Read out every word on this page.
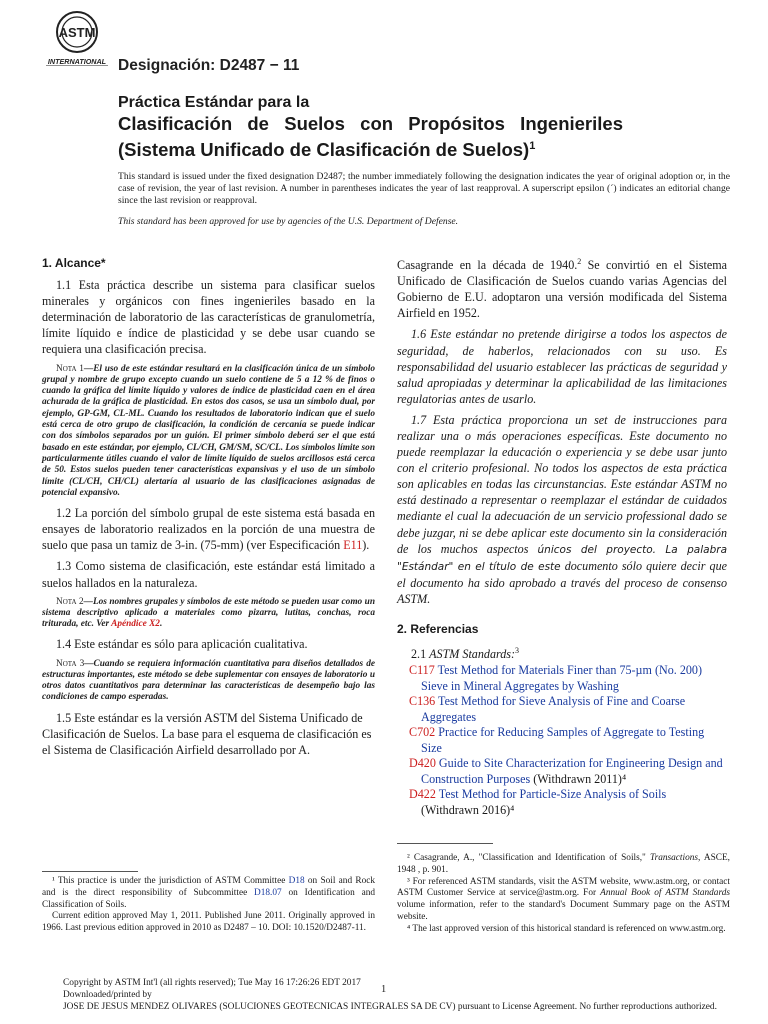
ASTM
INTERNATIONAL Designación: D2487 − 11
Práctica Estándar para la
Clasificación de Suelos con Propósitos Ingenieriles
(Sistema Unificado de Clasificación de Suelos)$^1$
This standard is issued under the fixed designation D2487; the number immediately following the designation indicates the year of original adoption or, in the case of revision, the year of last revision. A number in parentheses indicates the year of last reapproval. A superscript epsilon (´) indicates an editorial change since the last revision or reapproval.
This standard has been approved for use by agencies of the U.S. Department of Defense.
1. Alcance*

1.1 Esta práctica describe un sistema para clasificar suelos minerales y orgánicos con fines ingenieriles basado en la determinación de laboratorio de las características de granulometría, límite líquido e índice de plasticidad y se debe usar cuando se requiera una clasificación precisa.

Nota 1—El uso de este estándar resultará en la clasificación única de un símbolo grupal y nombre de grupo excepto cuando un suelo contiene de 5 a 12 % de finos o cuando la gráfica del límite líquido y valores de índice de plasticidad caen en el área achurada de la gráfica de plasticidad. En estos dos casos, se usa un símbolo dual, por ejemplo, GP-GM, CL-ML. Cuando los resultados de laboratorio indican que el suelo está cerca de otro grupo de clasificación, la condición de cercanía se puede indicar con dos símbolos separados por un guión. El primer símbolo deberá ser el que está basado en este estándar, por ejemplo, CL/CH, GM/SM, SC/CL. Los símbolos límite son particularmente útiles cuando el valor de límite líquido de suelos arcillosos está cerca de 50. Estos suelos pueden tener características expansivas y el uso de un símbolo límite (CL/CH, CH/CL) alertaría al usuario de las clasificaciones asignadas de potencial expansivo.

1.2 La porción del símbolo grupal de este sistema está basada en ensayes de laboratorio realizados en la porción de una muestra de suelo que pasa un tamiz de 3-in. (75-mm) (ver Especificación E11).

1.3 Como sistema de clasificación, este estándar está limitado a suelos hallados en la naturaleza.

Nota 2—Los nombres grupales y símbolos de este método se pueden usar como un sistema descriptivo aplicado a materiales como pizarra, lutitas, conchas, roca triturada, etc. Ver Apéndice X2.

1.4 Este estándar es sólo para aplicación cualitativa.

Nota 3—Cuando se requiera información cuantitativa para diseños detallados de estructuras importantes, este método se debe suplementar con ensayes de laboratorio u otros datos cuantitativos para determinar las características de desempeño bajo las condiciones de campo esperadas.

1.5 Este estándar es la versión ASTM del Sistema Unificado de Clasificación de Suelos. La base para el esquema de clasificación es el Sistema de Clasificación Airfield desarrollado por A.

Casagrande en la década de 1940.$^2$ Se convirtió en el Sistema Unificado de Clasificación de Suelos cuando varias Agencias del Gobierno de E.U. adoptaron una versión modificada del Sistema Airfield en 1952.

1.6 Este estándar no pretende dirigirse a todos los aspectos de seguridad, de haberlos, relacionados con su uso. Es responsabilidad del usuario establecer las prácticas de seguridad y salud apropiadas y determinar la aplicabilidad de las limitaciones regulatorias antes de usarlo.

1.7 Esta práctica proporciona un set de instrucciones para realizar una o más operaciones específicas. Este documento no puede reemplazar la educación o experiencia y se debe usar junto con el criterio profesional. No todos los aspectos de esta práctica son aplicables en todas las circunstancias. Este estándar ASTM no está destinado a representar o reemplazar el estándar de cuidados mediante el cual la adecuación de un servicio professional dado se debe juzgar, ni se debe aplicar este documento sin la consideración de los muchos aspectos únicos del proyecto. La palabra "Estándar" en el título de este documento sólo quiere decir que el documento ha sido aprobado a través del proceso de consenso ASTM.

2. Referencias

2.1 ASTM Standards:$^3$

C117 Test Method for Materials Finer than 75-µm (No. 200) Sieve in Mineral Aggregates by Washing
C136 Test Method for Sieve Analysis of Fine and Coarse Aggregates
C702 Practice for Reducing Samples of Aggregate to Testing Size
D420 Guide to Site Characterization for Engineering Design and Construction Purposes (Withdrawn 2011)⁴
D422 Test Method for Particle-Size Analysis of Soils (Withdrawn 2016)⁴

¹ This practice is under the jurisdiction of ASTM Committee D18 on Soil and Rock and is the direct responsibility of Subcommittee D18.07 on Identification and Classification of Soils.

Current edition approved May 1, 2011. Published June 2011. Originally approved in 1966. Last previous edition approved in 2010 as D2487 – 10. DOI: 10.1520/D2487-11.

² Casagrande, A., "Classification and Identification of Soils," Transactions, ASCE, 1948 , p. 901.

³ For referenced ASTM standards, visit the ASTM website, www.astm.org, or contact ASTM Customer Service at service@astm.org. For Annual Book of ASTM Standards volume information, refer to the standard's Document Summary page on the ASTM website.

⁴ The last approved version of this historical standard is referenced on www.astm.org.

Copyright by ASTM Int'l (all rights reserved); Tue May 16 17:26:26 EDT 2017
Downloaded/printed by
JOSE DE JESUS MENDEZ OLIVARES (SOLUCIONES GEOTECNICAS INTEGRALES SA DE CV) pursuant to License Agreement. No further reproductions authorized.
1
